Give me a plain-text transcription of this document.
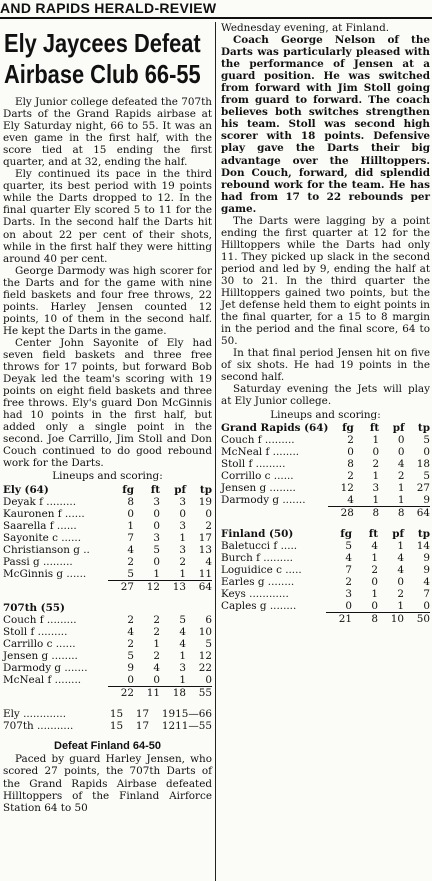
AND RAPIDS HERALD-REVIEW
Ely Jaycees Defeat
Airbase Club 66-55

Ely Junior college defeated the 707th Darts of the Grand Rapids airbase at Ely Saturday night, 66 to 55. It was an even game in the first half, with the score tied at 15 ending the first quarter, and at 32, ending the half.

Ely continued its pace in the third quarter, its best period with 19 points while the Darts dropped to 12. In the final quarter Ely scored 5 to 11 for the Darts. In the second half the Darts hit on about 22 per cent of their shots, while in the first half they were hitting around 40 per cent.

George Darmody was high scorer for the Darts and for the game with nine field baskets and four free throws, 22 points. Harley Jensen counted 12 points, 10 of them in the second half. He kept the Darts in the game.

Center John Sayonite of Ely had seven field baskets and three free throws for 17 points, but forward Bob Deyak led the team's scoring with 19 points on eight field baskets and three free throws. Ely's guard Don McGinnis had 10 points in the first half, but added only a single point in the second. Joe Carrillo, Jim Stoll and Don Couch continued to do good rebound work for the Darts.

Lineups and scoring:
Ely (64)	fg	ft	pf	tp
Deyak f .........	8	3	3	19
Kauronen f ......	0	0	0	0
Saarella f ......	1	0	3	2
Sayonite c ......	7	3	1	17
Christianson g ..	4	5	3	13
Passi g .........	2	0	2	4
McGinnis g ......	5	1	1	11
	27	12	13	64
707th (55)				
Couch f .........	2	2	5	6
Stoll f .........	4	2	4	10
Carrillo c ......	2	1	4	5
Jensen g ........	5	2	1	12
Darmody g .......	9	4	3	22
McNeal f ........	0	0	1	0
	22	11	18	55
Ely .............	15	17	19	15—66
707th ...........	15	17	12	11—55
Defeat Finland 64-50

Paced by guard Harley Jensen, who scored 27 points, the 707th Darts of the Grand Rapids Airbase defeated Hilltoppers of the Finland Airforce Station 64 to 50

Wednesday evening, at Finland.

Coach George Nelson of the Darts was particularly pleased with the performance of Jensen at a guard position. He was switched from forward with Jim Stoll going from guard to forward. The coach believes both switches strengthen his team. Stoll was second high scorer with 18 points. Defensive play gave the Darts their big advantage over the Hilltoppers. Don Couch, forward, did splendid rebound work for the team. He has had from 17 to 22 rebounds per game.

The Darts were lagging by a point ending the first quarter at 12 for the Hilltoppers while the Darts had only 11. They picked up slack in the second period and led by 9, ending the half at 30 to 21. In the third quarter the Hilltoppers gained two points, but the Jet defense held them to eight points in the final quarter, for a 15 to 8 margin in the period and the final score, 64 to 50.

In that final period Jensen hit on five of six shots. He had 19 points in the second half.

Saturday evening the Jets will play at Ely Junior college.

Lineups and scoring:
Grand Rapids (64)	fg	ft	pf	tp
Couch f .........	2	1	0	5
McNeal f ........	0	0	0	0
Stoll f .........	8	2	4	18
Corrillo c ......	2	1	2	5
Jensen g ........	12	3	1	27
Darmody g .......	4	1	1	9
	28	8	8	64
Finland (50)	fg	ft	pf	tp
Baletucci f .....	5	4	1	14
Burch f .........	4	1	4	9
Loguidice c .....	7	2	4	9
Earles g ........	2	0	0	4
Keys ............	3	1	2	7
Caples g ........	0	0	1	0
	21	8	10	50
